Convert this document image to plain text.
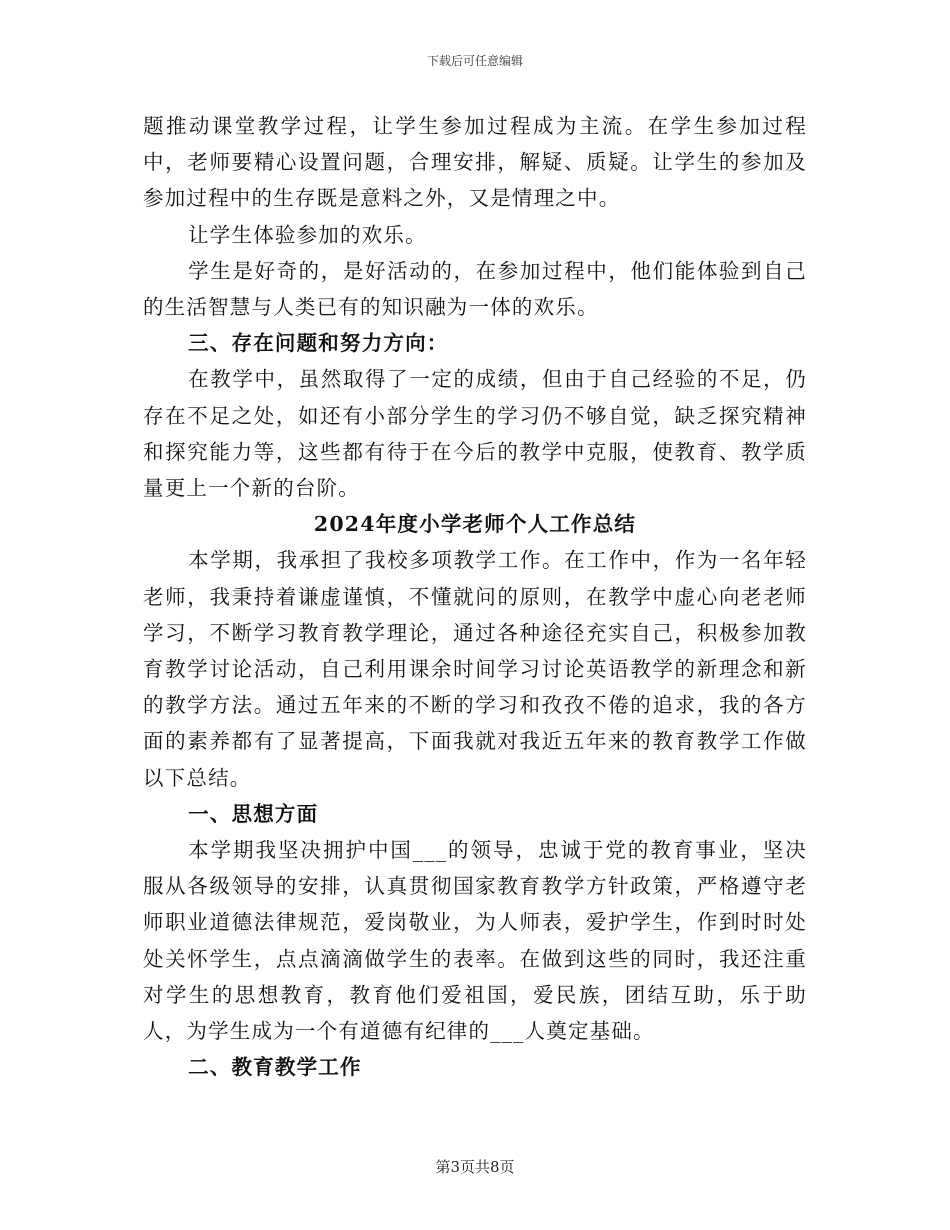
下载后可任意编辑

题推动课堂教学过程，让学生参加过程成为主流。在学生参加过程中，老师要精心设置问题，合理安排，解疑、质疑。让学生的参加及参加过程中的生存既是意料之外，又是情理之中。

让学生体验参加的欢乐。

学生是好奇的，是好活动的，在参加过程中，他们能体验到自己的生活智慧与人类已有的知识融为一体的欢乐。

三、存在问题和努力方向：

在教学中，虽然取得了一定的成绩，但由于自己经验的不足，仍存在不足之处，如还有小部分学生的学习仍不够自觉，缺乏探究精神和探究能力等，这些都有待于在今后的教学中克服，使教育、教学质量更上一个新的台阶。

2024年度小学老师个人工作总结

本学期，我承担了我校多项教学工作。在工作中，作为一名年轻老师，我秉持着谦虚谨慎，不懂就问的原则，在教学中虚心向老老师学习，不断学习教育教学理论，通过各种途径充实自己，积极参加教育教学讨论活动，自己利用课余时间学习讨论英语教学的新理念和新的教学方法。通过五年来的不断的学习和孜孜不倦的追求，我的各方面的素养都有了显著提高，下面我就对我近五年来的教育教学工作做以下总结。

一、思想方面

本学期我坚决拥护中国___的领导，忠诚于党的教育事业，坚决服从各级领导的安排，认真贯彻国家教育教学方针政策，严格遵守老师职业道德法律规范，爱岗敬业，为人师表，爱护学生，作到时时处处关怀学生，点点滴滴做学生的表率。在做到这些的同时，我还注重对学生的思想教育，教育他们爱祖国，爱民族，团结互助，乐于助人，为学生成为一个有道德有纪律的___人奠定基础。

二、教育教学工作

第3页共8页
